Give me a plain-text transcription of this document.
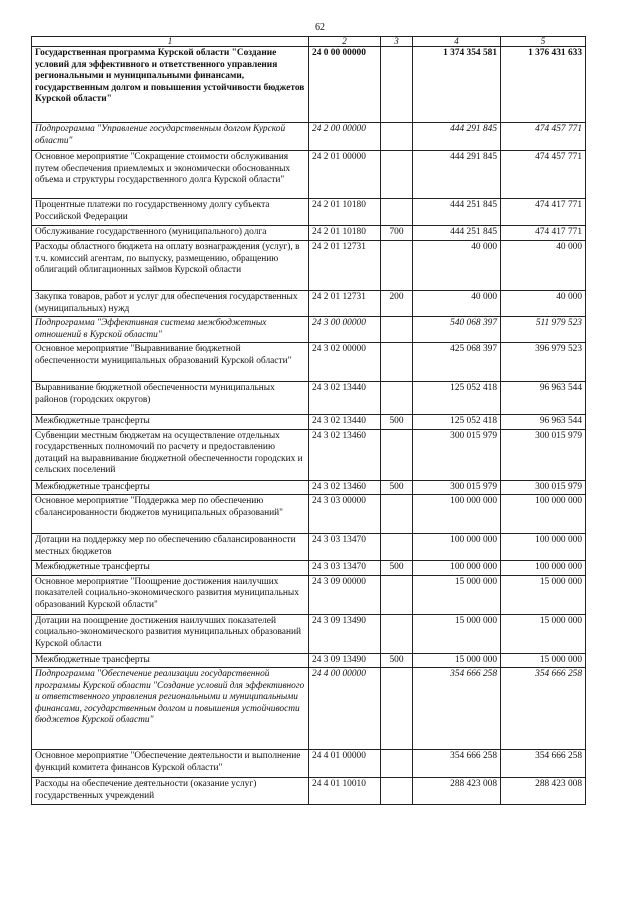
62
1	2	3	4	5
Государственная программа Курской области "Создание условий для эффективного и ответственного управления региональными и муниципальными финансами, государственным долгом и повышения устойчивости бюджетов Курской области"	24 0 00 00000		1 374 354 581	1 376 431 633
Подпрограмма "Управление государственным долгом Курской области"	24 2 00 00000		444 291 845	474 457 771
Основное мероприятие "Сокращение стоимости обслуживания путем обеспечения приемлемых и экономически обоснованных объема и структуры государственного долга Курской области"	24 2 01 00000		444 291 845	474 457 771
Процентные платежи по государственному долгу субъекта Российской Федерации	24 2 01 10180		444 251 845	474 417 771
Обслуживание государственного (муниципального) долга	24 2 01 10180	700	444 251 845	474 417 771
Расходы областного бюджета на оплату вознаграждения (услуг), в т.ч. комиссий агентам, по выпуску, размещению, обращению облигаций облигационных займов Курской области	24 2 01 12731		40 000	40 000
Закупка товаров, работ и услуг для обеспечения государственных (муниципальных) нужд	24 2 01 12731	200	40 000	40 000
Подпрограмма "Эффективная система межбюджетных отношений в Курской области"	24 3 00 00000		540 068 397	511 979 523
Основное мероприятие "Выравнивание бюджетной обеспеченности муниципальных образований Курской области"	24 3 02 00000		425 068 397	396 979 523
Выравнивание бюджетной обеспеченности муниципальных районов (городских округов)	24 3 02 13440		125 052 418	96 963 544
Межбюджетные трансферты	24 3 02 13440	500	125 052 418	96 963 544
Субвенции местным бюджетам на осуществление отдельных государственных полномочий по расчету и предоставлению дотаций на выравнивание бюджетной обеспеченности городских и сельских поселений	24 3 02 13460		300 015 979	300 015 979
Межбюджетные трансферты	24 3 02 13460	500	300 015 979	300 015 979
Основное мероприятие "Поддержка мер по обеспечению сбалансированности бюджетов муниципальных образований"	24 3 03 00000		100 000 000	100 000 000
Дотации на поддержку мер по обеспечению сбалансированности местных бюджетов	24 3 03 13470		100 000 000	100 000 000
Межбюджетные трансферты	24 3 03 13470	500	100 000 000	100 000 000
Основное мероприятие "Поощрение достижения наилучших показателей социально-экономического развития муниципальных образований Курской области"	24 3 09 00000		15 000 000	15 000 000
Дотации на поощрение достижения наилучших показателей социально-экономического развития муниципальных образований Курской области	24 3 09 13490		15 000 000	15 000 000
Межбюджетные трансферты	24 3 09 13490	500	15 000 000	15 000 000
Подпрограмма "Обеспечение реализации государственной программы Курской области "Создание условий для эффективного и ответственного управления региональными и муниципальными финансами, государственным долгом и повышения устойчивости бюджетов Курской области"	24 4 00 00000		354 666 258	354 666 258
Основное мероприятие "Обеспечение деятельности и выполнение функций комитета финансов Курской области"	24 4 01 00000		354 666 258	354 666 258
Расходы на обеспечение деятельности (оказание услуг) государственных учреждений	24 4 01 10010		288 423 008	288 423 008
